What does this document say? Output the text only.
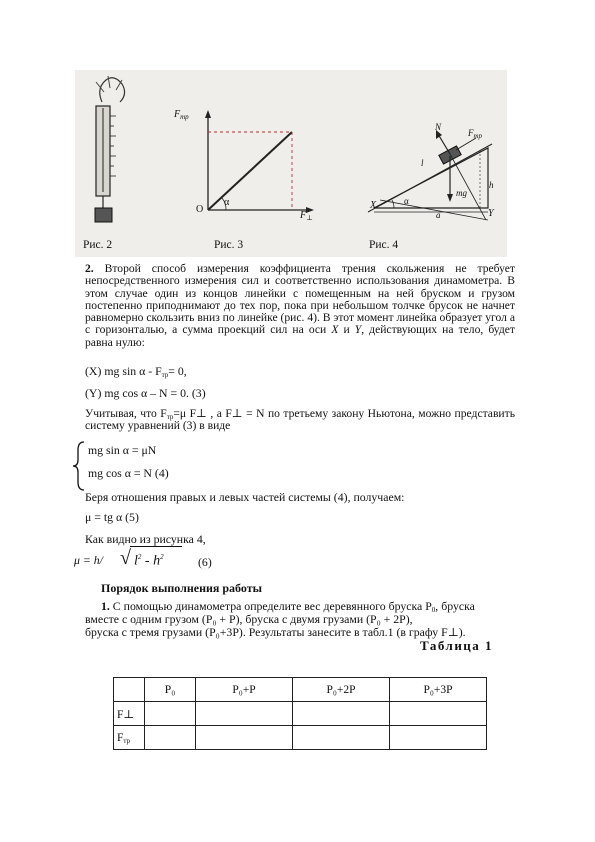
$F_{тр}$
O
α
$F_\perp$
N
$F_{тр}$
l
h
mg
α
a
X
Y
Рис. 2	Рис. 3	Рис. 4
2. Второй способ измерения коэффициента трения скольжения не требует непосредственного измерения сил и соответственно использования динамометра. В этом случае один из концов линейки с помещенным на ней бруском и грузом постепенно приподнимают до тех пор, пока при небольшом толчке брусок не начнет равномерно скользить вниз по линейке (рис. 4). В этот момент линейка образует угол а с горизонталью, а сумма проекций сил на оси X и Y, действующих на тело, будет равна нулю:
(X) mg $\sin \alpha - F_{тр}= 0$,
(Y) mg cos α – N = 0. (3)
Учитывая, что $F_{тр}=\mu$ F⊥ , а F⊥ = N по третьему закону Ньютона, можно представить систему уравнений (3) в виде
mg sin α = μN
mg cos α = N (4)
Беря отношения правых и левых частей системы (4), получаем:
μ = tg α (5)
Как видно из рисунка 4,
μ = h/ √ $l^2 - h^2$	(6)
Порядок выполнения работы
1. С помощью динамометра определите вес деревянного бруска $P_0$, бруска
вместе с одним грузом (P₀ + P), бруска с двумя грузами (P₀ + 2P),
бруска с тремя грузами (P₀+3P). Результаты занесите в табл.1 (в графу F⊥).
Таблица 1
	P₀	P₀+P	P₀+2P	P₀+3P
F⊥				
$F_{тр}$				
